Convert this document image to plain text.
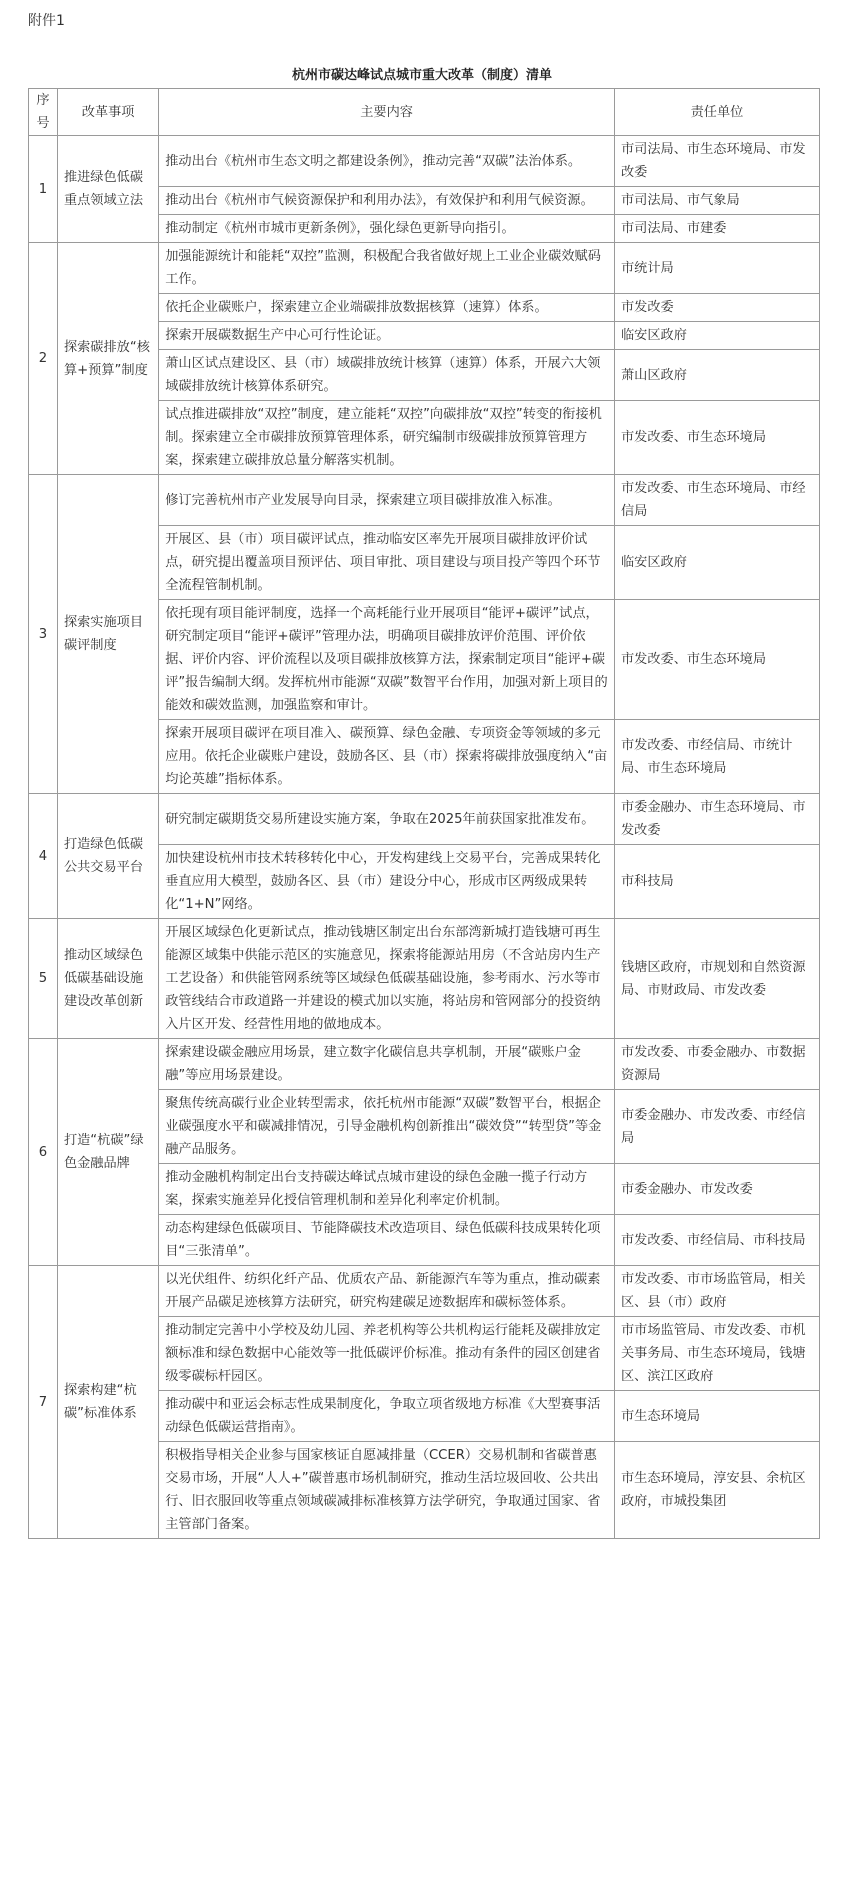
附件1
杭州市碳达峰试点城市重大改革（制度）清单
序号	改革事项	主要内容	责任单位
1	推进绿色低碳重点领域立法	推动出台《杭州市生态文明之都建设条例》，推动完善“双碳”法治体系。	市司法局、市生态环境局、市发改委
		推动出台《杭州市气候资源保护和利用办法》，有效保护和利用气候资源。	市司法局、市气象局
		推动制定《杭州市城市更新条例》，强化绿色更新导向指引。	市司法局、市建委
2	探索碳排放“核算+预算”制度	加强能源统计和能耗“双控”监测，积极配合我省做好规上工业企业碳效赋码工作。	市统计局
		依托企业碳账户，探索建立企业端碳排放数据核算（速算）体系。	市发改委
		探索开展碳数据生产中心可行性论证。	临安区政府
		萧山区试点建设区、县（市）域碳排放统计核算（速算）体系，开展六大领域碳排放统计核算体系研究。	萧山区政府
		试点推进碳排放“双控”制度，建立能耗“双控”向碳排放“双控”转变的衔接机制。探索建立全市碳排放预算管理体系，研究编制市级碳排放预算管理方案，探索建立碳排放总量分解落实机制。	市发改委、市生态环境局
3	探索实施项目碳评制度	修订完善杭州市产业发展导向目录，探索建立项目碳排放准入标准。	市发改委、市生态环境局、市经信局
		开展区、县（市）项目碳评试点，推动临安区率先开展项目碳排放评价试点，研究提出覆盖项目预评估、项目审批、项目建设与项目投产等四个环节全流程管制机制。	临安区政府
		依托现有项目能评制度，选择一个高耗能行业开展项目“能评+碳评”试点，研究制定项目“能评+碳评”管理办法，明确项目碳排放评价范围、评价依据、评价内容、评价流程以及项目碳排放核算方法，探索制定项目“能评+碳评”报告编制大纲。发挥杭州市能源“双碳”数智平台作用，加强对新上项目的能效和碳效监测，加强监察和审计。	市发改委、市生态环境局
		探索开展项目碳评在项目准入、碳预算、绿色金融、专项资金等领域的多元应用。依托企业碳账户建设，鼓励各区、县（市）探索将碳排放强度纳入“亩均论英雄”指标体系。	市发改委、市经信局、市统计局、市生态环境局
4	打造绿色低碳公共交易平台	研究制定碳期货交易所建设实施方案，争取在2025年前获国家批准发布。	市委金融办、市生态环境局、市发改委
		加快建设杭州市技术转移转化中心，开发构建线上交易平台，完善成果转化垂直应用大模型，鼓励各区、县（市）建设分中心，形成市区两级成果转化“1+N”网络。	市科技局
5	推动区域绿色低碳基础设施建设改革创新	开展区域绿色化更新试点，推动钱塘区制定出台东部湾新城打造钱塘可再生能源区域集中供能示范区的实施意见，探索将能源站用房（不含站房内生产工艺设备）和供能管网系统等区域绿色低碳基础设施，参考雨水、污水等市政管线结合市政道路一并建设的模式加以实施，将站房和管网部分的投资纳入片区开发、经营性用地的做地成本。	钱塘区政府，市规划和自然资源局、市财政局、市发改委
6	打造“杭碳”绿色金融品牌	探索建设碳金融应用场景，建立数字化碳信息共享机制，开展“碳账户金融”等应用场景建设。	市发改委、市委金融办、市数据资源局
		聚焦传统高碳行业企业转型需求，依托杭州市能源“双碳”数智平台，根据企业碳强度水平和碳减排情况，引导金融机构创新推出“碳效贷”“转型贷”等金融产品服务。	市委金融办、市发改委、市经信局
		推动金融机构制定出台支持碳达峰试点城市建设的绿色金融一揽子行动方案，探索实施差异化授信管理机制和差异化利率定价机制。	市委金融办、市发改委
		动态构建绿色低碳项目、节能降碳技术改造项目、绿色低碳科技成果转化项目“三张清单”。	市发改委、市经信局、市科技局
7	探索构建“杭碳”标准体系	以光伏组件、纺织化纤产品、优质农产品、新能源汽车等为重点，推动碳素开展产品碳足迹核算方法研究，研究构建碳足迹数据库和碳标签体系。	市发改委、市市场监管局，相关区、县（市）政府
		推动制定完善中小学校及幼儿园、养老机构等公共机构运行能耗及碳排放定额标准和绿色数据中心能效等一批低碳评价标准。推动有条件的园区创建省级零碳标杆园区。	市市场监管局、市发改委、市机关事务局、市生态环境局，钱塘区、滨江区政府
		推动碳中和亚运会标志性成果制度化，争取立项省级地方标准《大型赛事活动绿色低碳运营指南》。	市生态环境局
		积极指导相关企业参与国家核证自愿减排量（CCER）交易机制和省碳普惠交易市场，开展“人人+”碳普惠市场机制研究，推动生活垃圾回收、公共出行、旧衣服回收等重点领域碳减排标准核算方法学研究，争取通过国家、省主管部门备案。	市生态环境局，淳安县、余杭区政府，市城投集团
